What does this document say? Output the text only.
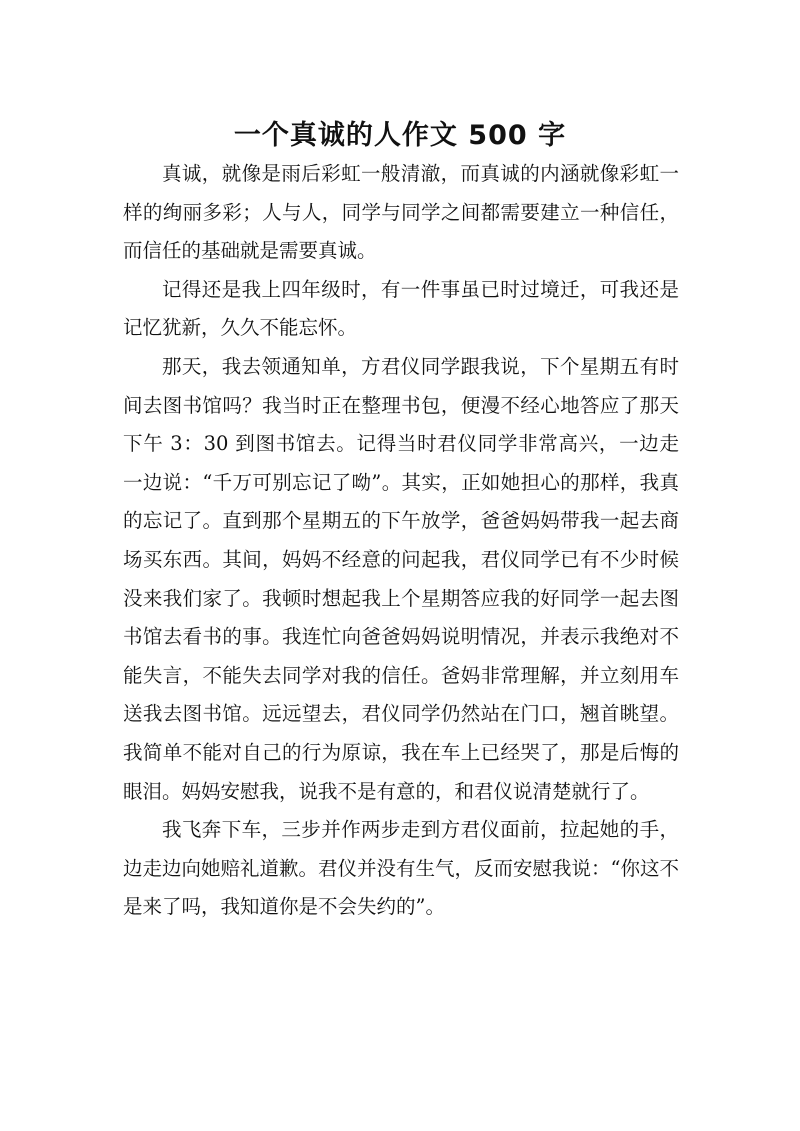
一个真诚的人作文 500 字

真诚，就像是雨后彩虹一般清澈，而真诚的内涵就像彩虹一样的绚丽多彩；人与人，同学与同学之间都需要建立一种信任，而信任的基础就是需要真诚。

记得还是我上四年级时，有一件事虽已时过境迁，可我还是记忆犹新，久久不能忘怀。

那天，我去领通知单，方君仪同学跟我说，下个星期五有时间去图书馆吗？我当时正在整理书包，便漫不经心地答应了那天下午 3：30 到图书馆去。记得当时君仪同学非常高兴，一边走一边说：“千万可别忘记了呦”。其实，正如她担心的那样，我真的忘记了。直到那个星期五的下午放学，爸爸妈妈带我一起去商场买东西。其间，妈妈不经意的问起我，君仪同学已有不少时候没来我们家了。我顿时想起我上个星期答应我的好同学一起去图书馆去看书的事。我连忙向爸爸妈妈说明情况，并表示我绝对不能失言，不能失去同学对我的信任。爸妈非常理解，并立刻用车送我去图书馆。远远望去，君仪同学仍然站在门口，翘首眺望。我简单不能对自己的行为原谅，我在车上已经哭了，那是后悔的眼泪。妈妈安慰我，说我不是有意的，和君仪说清楚就行了。

我飞奔下车，三步并作两步走到方君仪面前，拉起她的手，边走边向她赔礼道歉。君仪并没有生气，反而安慰我说：“你这不是来了吗，我知道你是不会失约的”。
